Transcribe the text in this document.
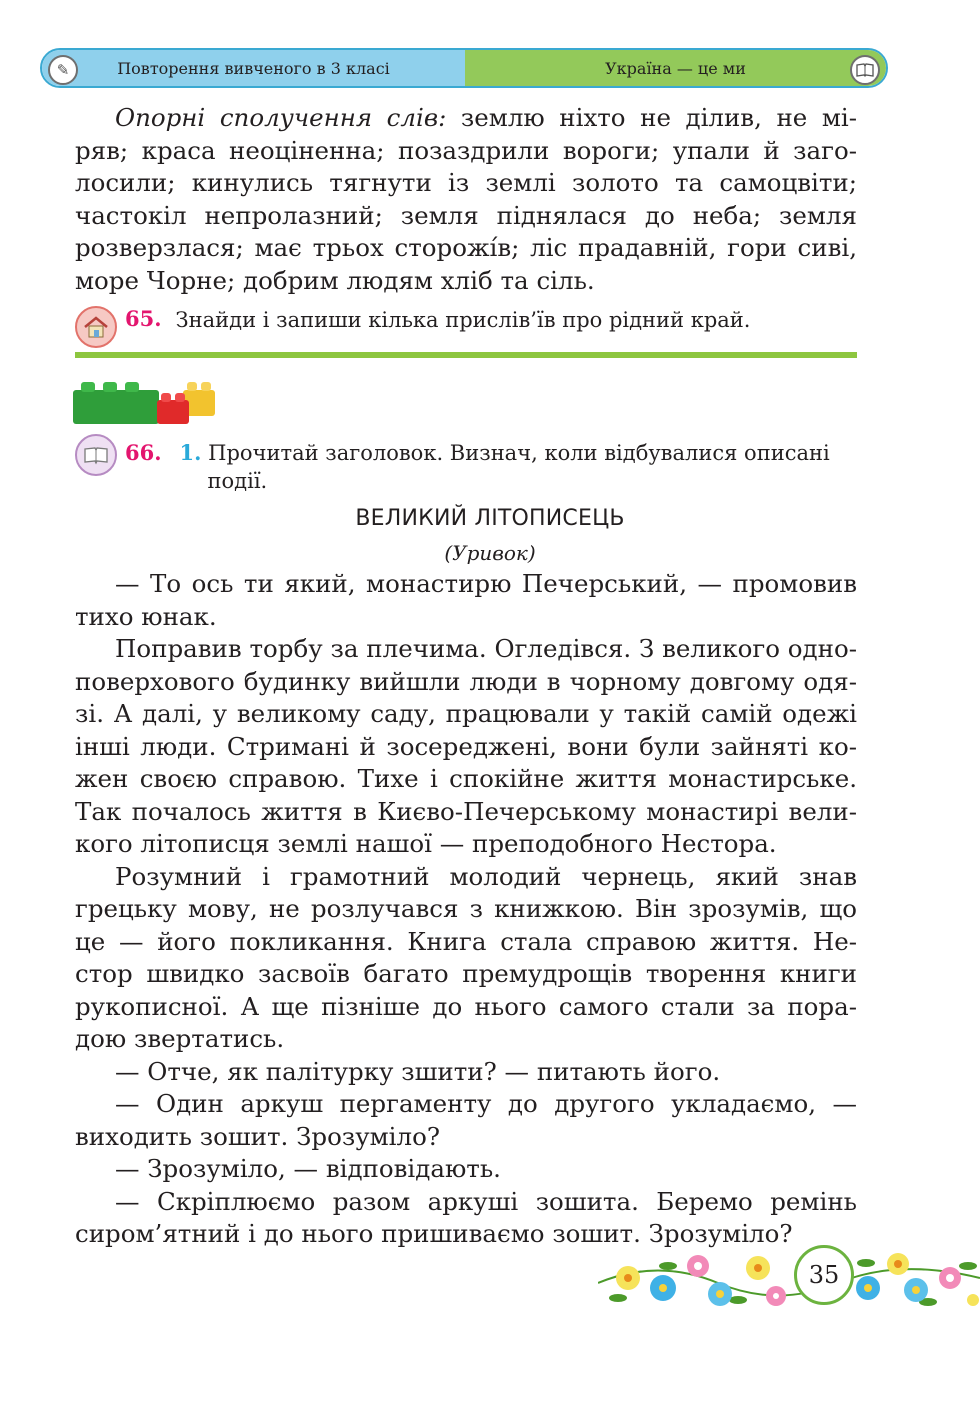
✎	Повторення вивченого в 3 класі	Україна — це ми
Опорні сполучення слів: землю ніхто не ділив, не мі-
ряв; краса неоціненна; позаздрили вороги; упали й заго-
лосили; кинулись тягнути із землі золото та самоцвіти;
частокіл непролазний; земля піднялася до неба; земля
розверзлася; має трьох сторожі́в; ліс прадавній, гори сиві,
море Чорне; добрим людям хліб та сіль.
65. Знайди і запиши кілька прислів’їв про рідний край.
66. 1. Прочитай заголовок. Визнач, коли відбувалися описані
події.
ВЕЛИКИЙ ЛІТОПИСЕЦЬ
(Уривок)
— То ось ти який, монастирю Печерський, — промовив
тихо юнак.
Поправив торбу за плечима. Огледівся. З великого одно-
поверхового будинку вийшли люди в чорному довгому одя-
зі. А далі, у великому саду, працювали у такій самій одежі
інші люди. Стримані й зосереджені, вони були зайняті ко-
жен своєю справою. Тихе і спокійне життя монастирське.
Так почалось життя в Києво-Печерському монастирі вели-
кого літописця землі нашої — преподобного Нестора.
Розумний і грамотний молодий чернець, який знав
грецьку мову, не розлучався з книжкою. Він зрозумів, що
це — його покликання. Книга стала справою життя. Не-
стор швидко засвоїв багато премудрощів творення книги
рукописної. А ще пізніше до нього самого стали за пора-
дою звертатись.
— Отче, як палітурку зшити? — питають його.
— Один аркуш пергаменту до другого укладаємо, —
виходить зошит. Зрозуміло?
— Зрозуміло, — відповідають.
— Скріплюємо разом аркуші зошита. Беремо ремінь
сиром’ятний і до нього пришиваємо зошит. Зрозуміло?
35
